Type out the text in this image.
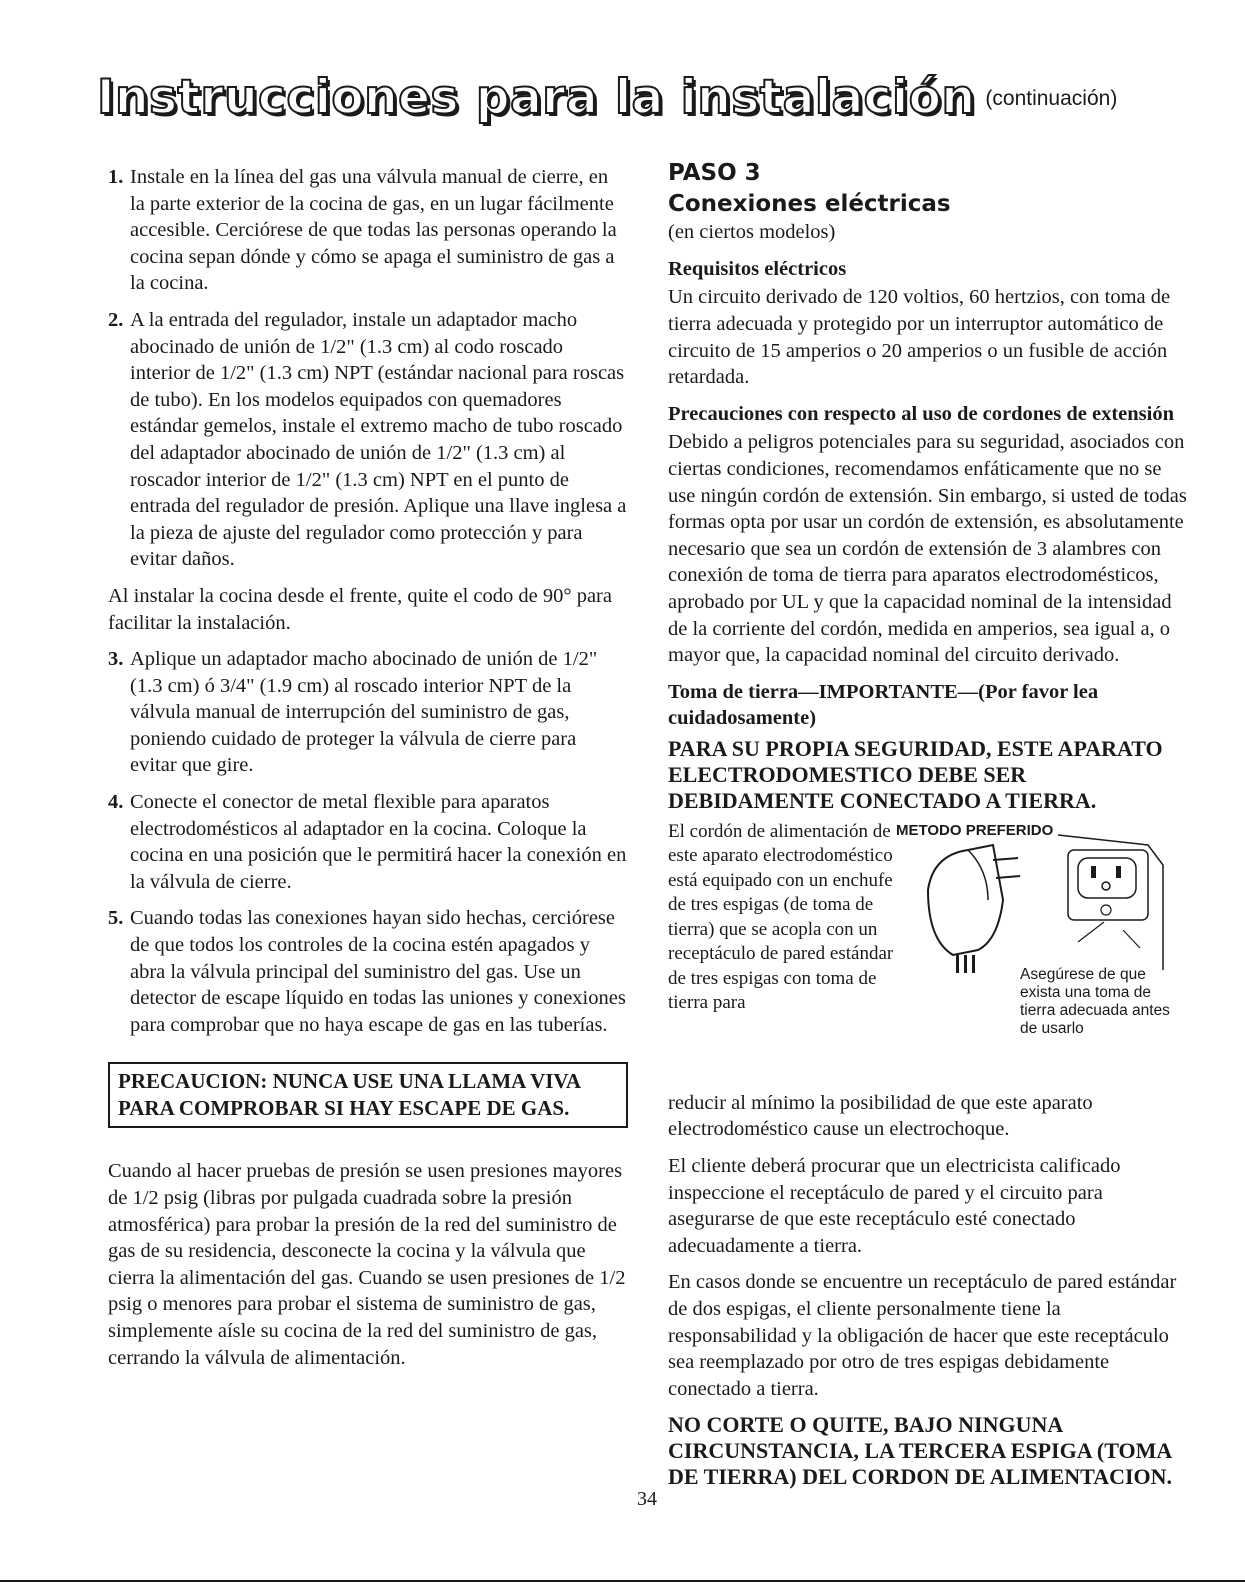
Instrucciones para la instalación (continuación)
1. Instale en la línea del gas una válvula manual de cierre, en la parte exterior de la cocina de gas, en un lugar fácilmente accesible. Cerciórese de que todas las personas operando la cocina sepan dónde y cómo se apaga el suministro de gas a la cocina.
2. A la entrada del regulador, instale un adaptador macho abocinado de unión de 1/2" (1.3 cm) al codo roscado interior de 1/2" (1.3 cm) NPT (estándar nacional para roscas de tubo). En los modelos equipados con quemadores estándar gemelos, instale el extremo macho de tubo roscado del adaptador abocinado de unión de 1/2" (1.3 cm) al roscador interior de 1/2" (1.3 cm) NPT en el punto de entrada del regulador de presión. Aplique una llave inglesa a la pieza de ajuste del regulador como protección y para evitar daños.

Al instalar la cocina desde el frente, quite el codo de 90° para facilitar la instalación.

3. Aplique un adaptador macho abocinado de unión de 1/2" (1.3 cm) ó 3/4" (1.9 cm) al roscado interior NPT de la válvula manual de interrupción del suministro de gas, poniendo cuidado de proteger la válvula de cierre para evitar que gire.
4. Conecte el conector de metal flexible para aparatos electrodomésticos al adaptador en la cocina. Coloque la cocina en una posición que le permitirá hacer la conexión en la válvula de cierre.
5. Cuando todas las conexiones hayan sido hechas, cerciórese de que todos los controles de la cocina estén apagados y abra la válvula principal del suministro del gas. Use un detector de escape líquido en todas las uniones y conexiones para comprobar que no haya escape de gas en las tuberías.
PRECAUCION: NUNCA USE UNA LLAMA VIVA PARA COMPROBAR SI HAY ESCAPE DE GAS.

Cuando al hacer pruebas de presión se usen presiones mayores de 1/2 psig (libras por pulgada cuadrada sobre la presión atmosférica) para probar la presión de la red del suministro de gas de su residencia, desconecte la cocina y la válvula que cierra la alimentación del gas. Cuando se usen presiones de 1/2 psig o menores para probar el sistema de suministro de gas, simplemente aísle su cocina de la red del suministro de gas, cerrando la válvula de alimentación.

PASO 3
Conexiones eléctricas

(en ciertos modelos)

Requisitos eléctricos

Un circuito derivado de 120 voltios, 60 hertzios, con toma de tierra adecuada y protegido por un interruptor automático de circuito de 15 amperios o 20 amperios o un fusible de acción retardada.

Precauciones con respecto al uso de cordones de extensión

Debido a peligros potenciales para su seguridad, asociados con ciertas condiciones, recomendamos enfáticamente que no se use ningún cordón de extensión. Sin embargo, si usted de todas formas opta por usar un cordón de extensión, es absolutamente necesario que sea un cordón de extensión de 3 alambres con conexión de toma de tierra para aparatos electrodomésticos, aprobado por UL y que la capacidad nominal de la intensidad de la corriente del cordón, medida en amperios, sea igual a, o mayor que, la capacidad nominal del circuito derivado.

Toma de tierra—IMPORTANTE—(Por favor lea cuidadosamente)
PARA SU PROPIA SEGURIDAD, ESTE APARATO ELECTRODOMESTICO DEBE SER DEBIDAMENTE CONECTADO A TIERRA.
El cordón de alimentación de este aparato electrodoméstico está equipado con un enchufe de tres espigas (de toma de tierra) que se acopla con un receptáculo de pared estándar de tres espigas con toma de tierra para
METODO PREFERIDO
Asegúrese de que exista una toma de tierra adecuada antes de usarlo

reducir al mínimo la posibilidad de que este aparato electrodoméstico cause un electrochoque.

El cliente deberá procurar que un electricista calificado inspeccione el receptáculo de pared y el circuito para asegurarse de que este receptáculo esté conectado adecuadamente a tierra.

En casos donde se encuentre un receptáculo de pared estándar de dos espigas, el cliente personalmente tiene la responsabilidad y la obligación de hacer que este receptáculo sea reemplazado por otro de tres espigas debidamente conectado a tierra.

NO CORTE O QUITE, BAJO NINGUNA CIRCUNSTANCIA, LA TERCERA ESPIGA (TOMA DE TIERRA) DEL CORDON DE ALIMENTACION.
34
